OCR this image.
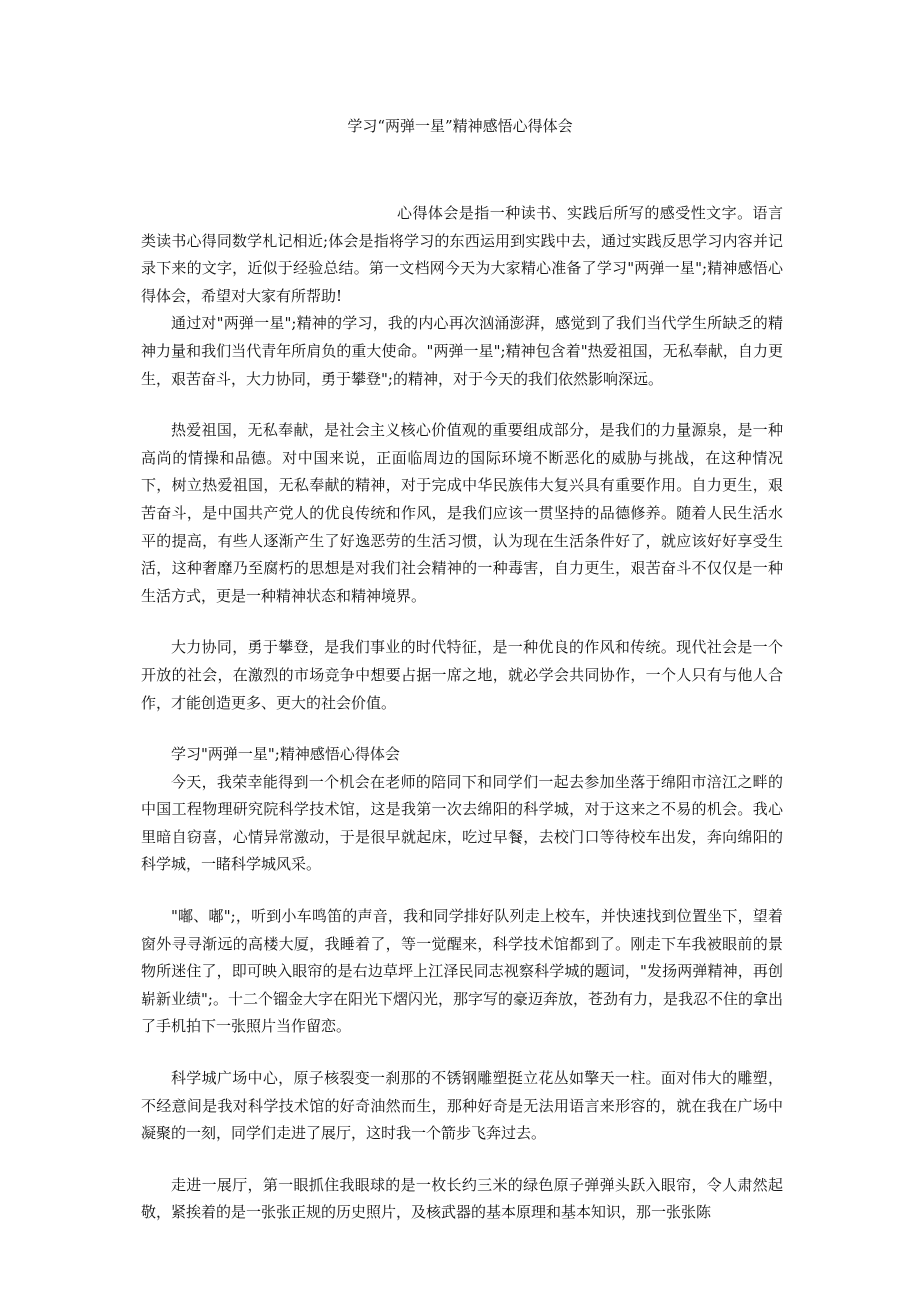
学习“两弹一星”精神感悟心得体会

心得体会是指一种读书、实践后所写的感受性文字。语言类读书心得同数学札记相近;体会是指将学习的东西运用到实践中去，通过实践反思学习内容并记录下来的文字，近似于经验总结。第一文档网今天为大家精心准备了学习"两弹一星";精神感悟心得体会，希望对大家有所帮助!

通过对"两弹一星";精神的学习，我的内心再次汹涌澎湃，感觉到了我们当代学生所缺乏的精神力量和我们当代青年所肩负的重大使命。"两弹一星";精神包含着"热爱祖国，无私奉献，自力更生，艰苦奋斗，大力协同，勇于攀登";的精神，对于今天的我们依然影响深远。

热爱祖国，无私奉献，是社会主义核心价值观的重要组成部分，是我们的力量源泉，是一种高尚的情操和品德。对中国来说，正面临周边的国际环境不断恶化的威胁与挑战，在这种情况下，树立热爱祖国，无私奉献的精神，对于完成中华民族伟大复兴具有重要作用。自力更生，艰苦奋斗，是中国共产党人的优良传统和作风，是我们应该一贯坚持的品德修养。随着人民生活水平的提高，有些人逐渐产生了好逸恶劳的生活习惯，认为现在生活条件好了，就应该好好享受生活，这种奢靡乃至腐朽的思想是对我们社会精神的一种毒害，自力更生，艰苦奋斗不仅仅是一种生活方式，更是一种精神状态和精神境界。

大力协同，勇于攀登，是我们事业的时代特征，是一种优良的作风和传统。现代社会是一个开放的社会，在激烈的市场竞争中想要占据一席之地，就必学会共同协作，一个人只有与他人合作，才能创造更多、更大的社会价值。

学习"两弹一星";精神感悟心得体会

今天，我荣幸能得到一个机会在老师的陪同下和同学们一起去参加坐落于绵阳市涪江之畔的中国工程物理研究院科学技术馆，这是我第一次去绵阳的科学城，对于这来之不易的机会。我心里暗自窃喜，心情异常激动，于是很早就起床，吃过早餐，去校门口等待校车出发，奔向绵阳的科学城，一睹科学城风采。

"嘟、嘟";，听到小车鸣笛的声音，我和同学排好队列走上校车，并快速找到位置坐下，望着窗外寻寻渐远的高楼大厦，我睡着了，等一觉醒来，科学技术馆都到了。刚走下车我被眼前的景物所迷住了，即可映入眼帘的是右边草坪上江泽民同志视察科学城的题词，"发扬两弹精神，再创崭新业绩";。十二个镏金大字在阳光下熠闪光，那字写的豪迈奔放，苍劲有力，是我忍不住的拿出了手机拍下一张照片当作留恋。

科学城广场中心，原子核裂变一刹那的不锈钢雕塑挺立花丛如擎天一柱。面对伟大的雕塑，不经意间是我对科学技术馆的好奇油然而生，那种好奇是无法用语言来形容的，就在我在广场中凝聚的一刻，同学们走进了展厅，这时我一个箭步飞奔过去。

走进一展厅，第一眼抓住我眼球的是一枚长约三米的绿色原子弹弹头跃入眼帘，令人肃然起敬，紧挨着的是一张张正规的历史照片，及核武器的基本原理和基本知识，那一张张陈
